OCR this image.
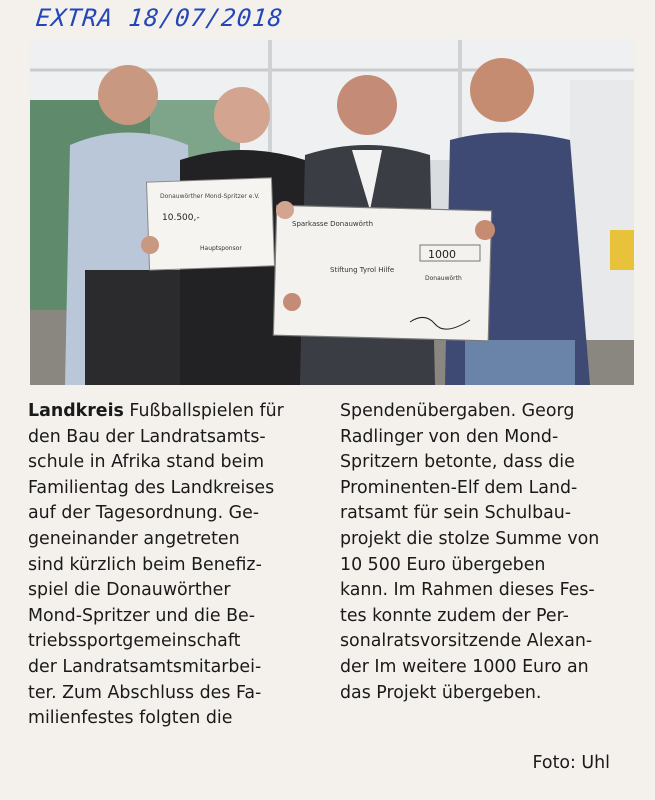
EXTRA 18/07/2018
Donauwörther Mond-Spritzer e.V.
10.500,-
Hauptsponsor
Sparkasse Donauwörth
1000
Stiftung Tyrol Hilfe
Donauwörth
Landkreis Fußballspielen für
den Bau der Landratsamts-
schule in Afrika stand beim
Familientag des Landkreises
auf der Tagesordnung. Ge-
geneinander angetreten
sind kürzlich beim Benefiz-
spiel die Donauwörther
Mond-Spritzer und die Be-
triebssportgemeinschaft
der Landratsamtsmitarbei-
ter. Zum Abschluss des Fa-
milienfestes folgten die
Spendenübergaben. Georg
Radlinger von den Mond-
Spritzern betonte, dass die
Prominenten-Elf dem Land-
ratsamt für sein Schulbau-
projekt die stolze Summe von
10 500 Euro übergeben
kann. Im Rahmen dieses Fes-
tes konnte zudem der Per-
sonalratsvorsitzende Alexan-
der Im weitere 1000 Euro an
das Projekt übergeben.
Foto: Uhl
